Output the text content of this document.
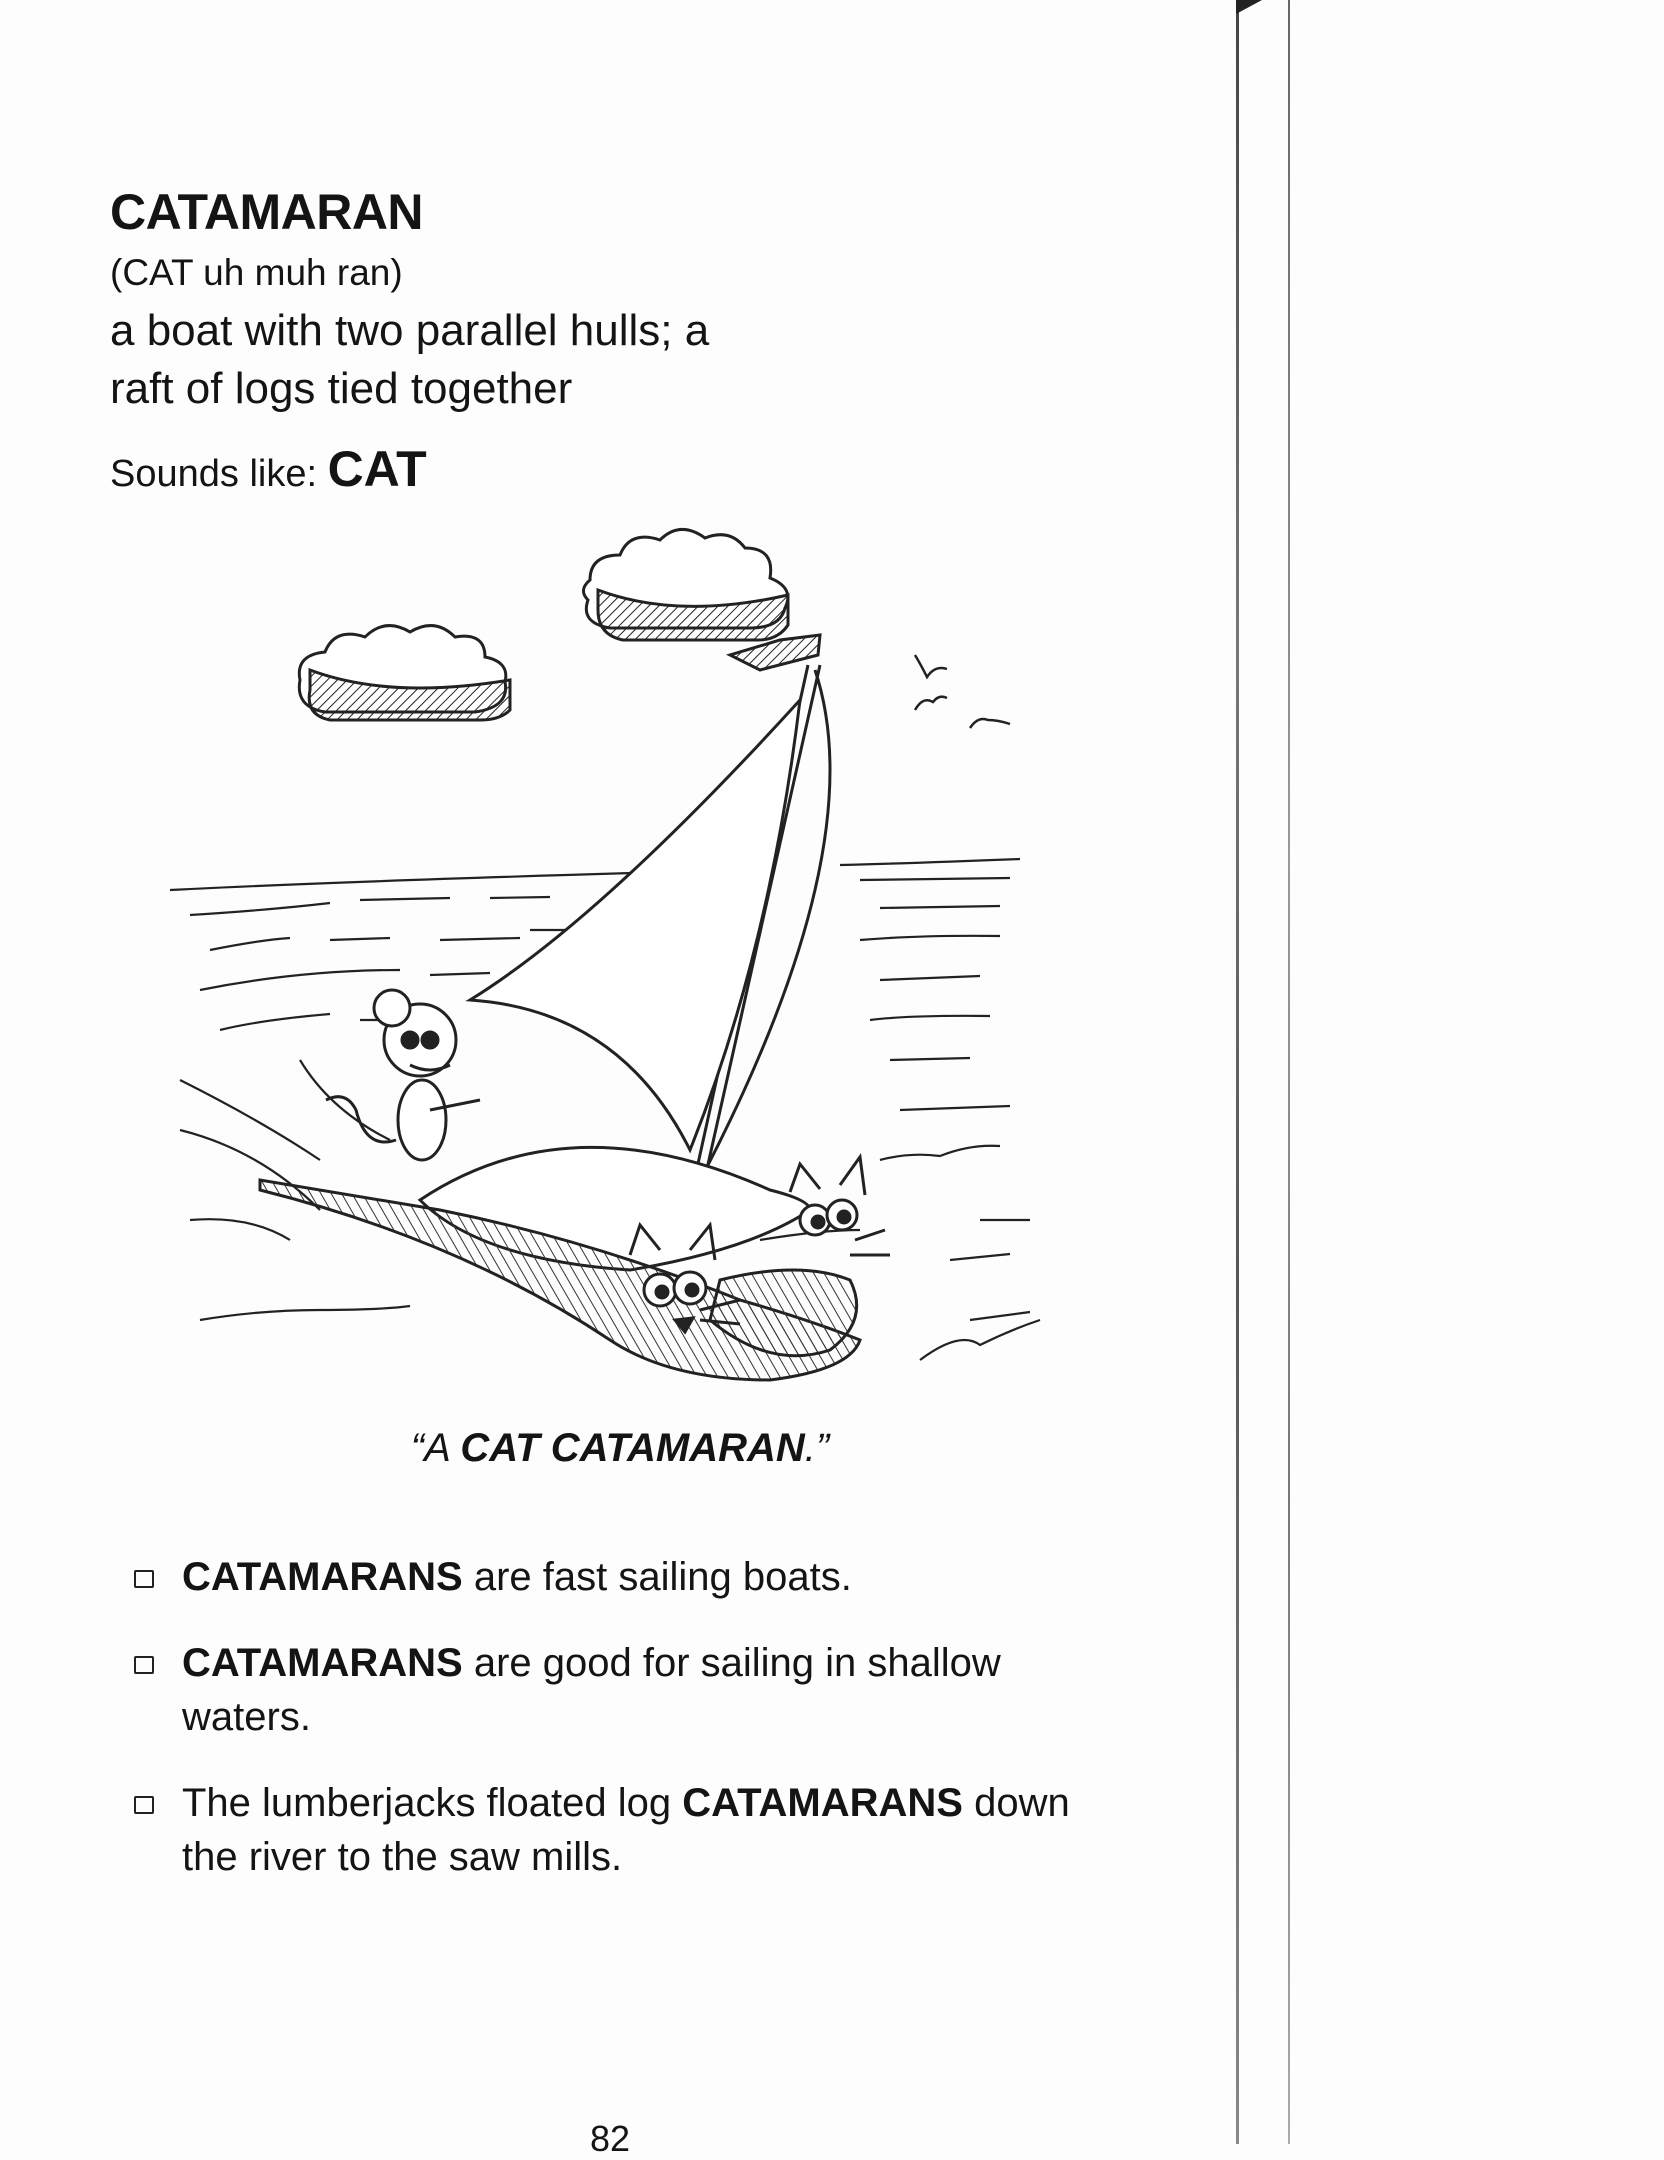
CATAMARAN
(CAT uh muh ran)
a boat with two parallel hulls; a
raft of logs tied together
Sounds like: CAT
“A CAT CATAMARAN.”
CATAMARANS are fast sailing boats.
CATAMARANS are good for sailing in shallow waters.
The lumberjacks floated log CATAMARANS down the river to the saw mills.
82
